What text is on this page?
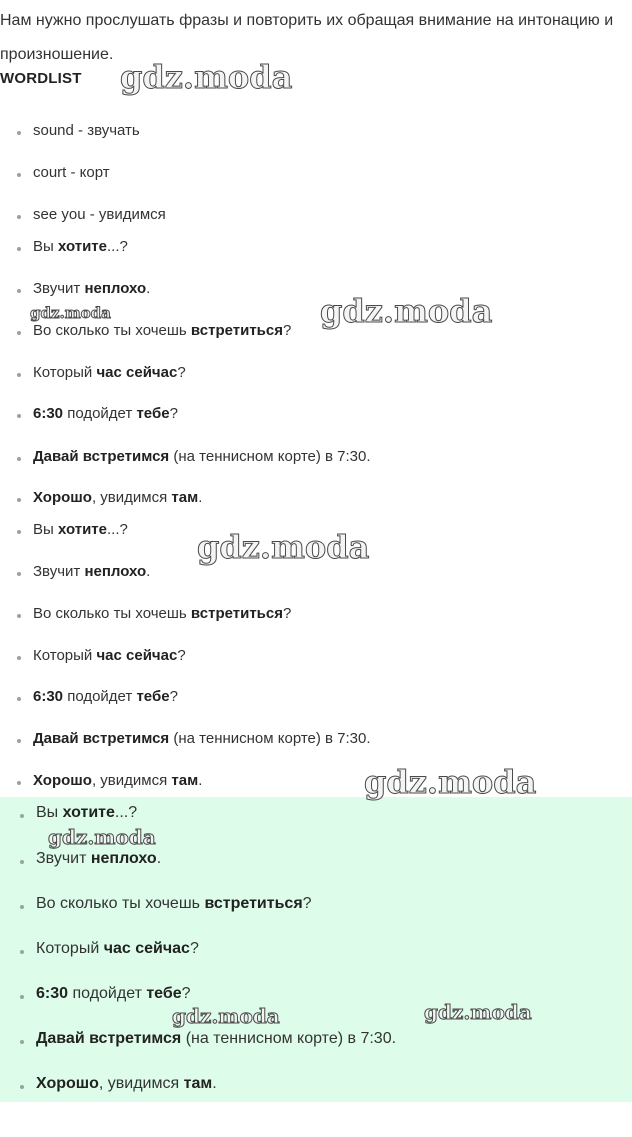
Нам нужно прослушать фразы и повторить их обращая внимание на интонацию и произношение.
WORDLIST gdz.moda
gdz.moda	gdz.moda
gdz.moda
gdz.moda
Вы хотите...?
Звучит неплохо.
Во сколько ты хочешь встретиться?
Который час сейчас?
6:30 подойдет тебе?
Давай встретимся (на теннисном корте) в 7:30.
Хорошо, увидимся там.
gdz.moda
gdz.moda	gdz.moda
sound - звучать
court - корт
see you - увидимся
Вы хотите...?
Звучит неплохо.
Во сколько ты хочешь встретиться?
Который час сейчас?
6:30 подойдет тебе?
Давай встретимся (на теннисном корте) в 7:30.
Хорошо, увидимся там.
Вы хотите...?
Звучит неплохо.
Во сколько ты хочешь встретиться?
Который час сейчас?
6:30 подойдет тебе?
Давай встретимся (на теннисном корте) в 7:30.
Хорошо, увидимся там.
